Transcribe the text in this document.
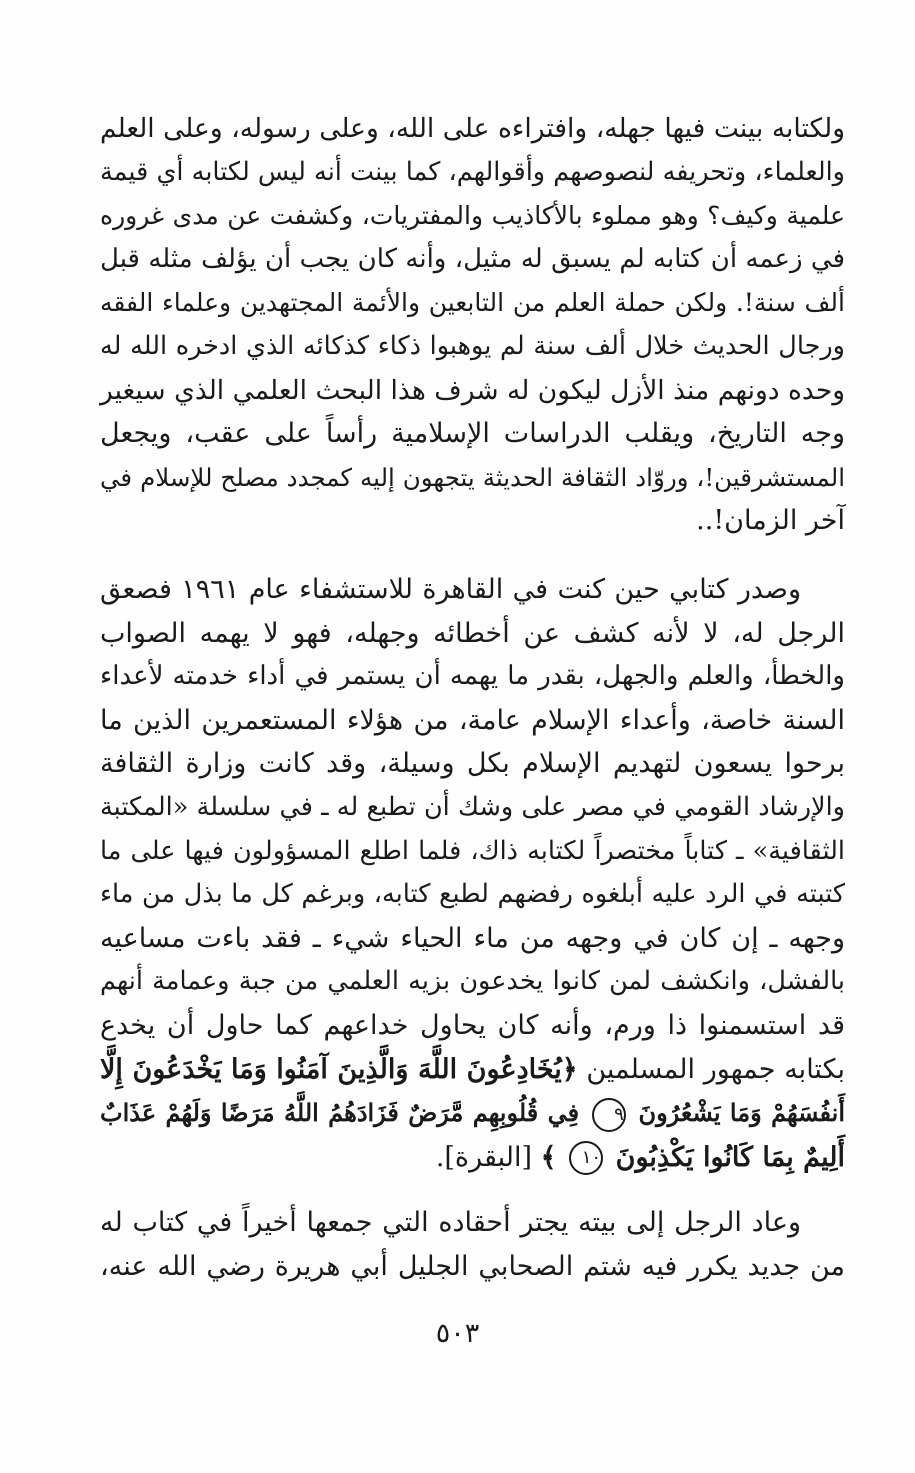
ولكتابه بينت فيها جهله، وافتراءه على الله، وعلى رسوله، وعلى العلم
والعلماء، وتحريفه لنصوصهم وأقوالهم، كما بينت أنه ليس لكتابه أي قيمة
علمية وكيف؟ وهو مملوء بالأكاذيب والمفتريات، وكشفت عن مدى غروره
في زعمه أن كتابه لم يسبق له مثيل، وأنه كان يجب أن يؤلف مثله قبل
ألف سنة!. ولكن حملة العلم من التابعين والأئمة المجتهدين وعلماء الفقه
ورجال الحديث خلال ألف سنة لم يوهبوا ذكاء كذكائه الذي ادخره الله له
وحده دونهم منذ الأزل ليكون له شرف هذا البحث العلمي الذي سيغير
وجه التاريخ، ويقلب الدراسات الإسلامية رأساً على عقب، ويجعل
المستشرقين!، وروّاد الثقافة الحديثة يتجهون إليه كمجدد مصلح للإسلام في
آخر الزمان!..
وصدر كتابي حين كنت في القاهرة للاستشفاء عام ١٩٦١ فصعق
الرجل له، لا لأنه كشف عن أخطائه وجهله، فهو لا يهمه الصواب
والخطأ، والعلم والجهل، بقدر ما يهمه أن يستمر في أداء خدمته لأعداء
السنة خاصة، وأعداء الإسلام عامة، من هؤلاء المستعمرين الذين ما
برحوا يسعون لتهديم الإسلام بكل وسيلة، وقد كانت وزارة الثقافة
والإرشاد القومي في مصر على وشك أن تطبع له ـ في سلسلة «المكتبة
الثقافية» ـ كتاباً مختصراً لكتابه ذاك، فلما اطلع المسؤولون فيها على ما
كتبته في الرد عليه أبلغوه رفضهم لطبع كتابه، وبرغم كل ما بذل من ماء
وجهه ـ إن كان في وجهه من ماء الحياء شيء ـ فقد باءت مساعيه
بالفشل، وانكشف لمن كانوا يخدعون بزيه العلمي من جبة وعمامة أنهم
قد استسمنوا ذا ورم، وأنه كان يحاول خداعهم كما حاول أن يخدع
بكتابه جمهور المسلمين ﴿يُخَادِعُونَ اللَّهَ وَالَّذِينَ آمَنُوا وَمَا يَخْدَعُونَ إِلَّا
أَنفُسَهُمْ وَمَا يَشْعُرُونَ ٩ فِي قُلُوبِهِم مَّرَضٌ فَزَادَهُمُ اللَّهُ مَرَضًا وَلَهُمْ عَذَابٌ
أَلِيمٌ بِمَا كَانُوا يَكْذِبُونَ ١٠ ﴾ [البقرة].
وعاد الرجل إلى بيته يجتر أحقاده التي جمعها أخيراً في كتاب له
من جديد يكرر فيه شتم الصحابي الجليل أبي هريرة رضي الله عنه،
٥٠٣
